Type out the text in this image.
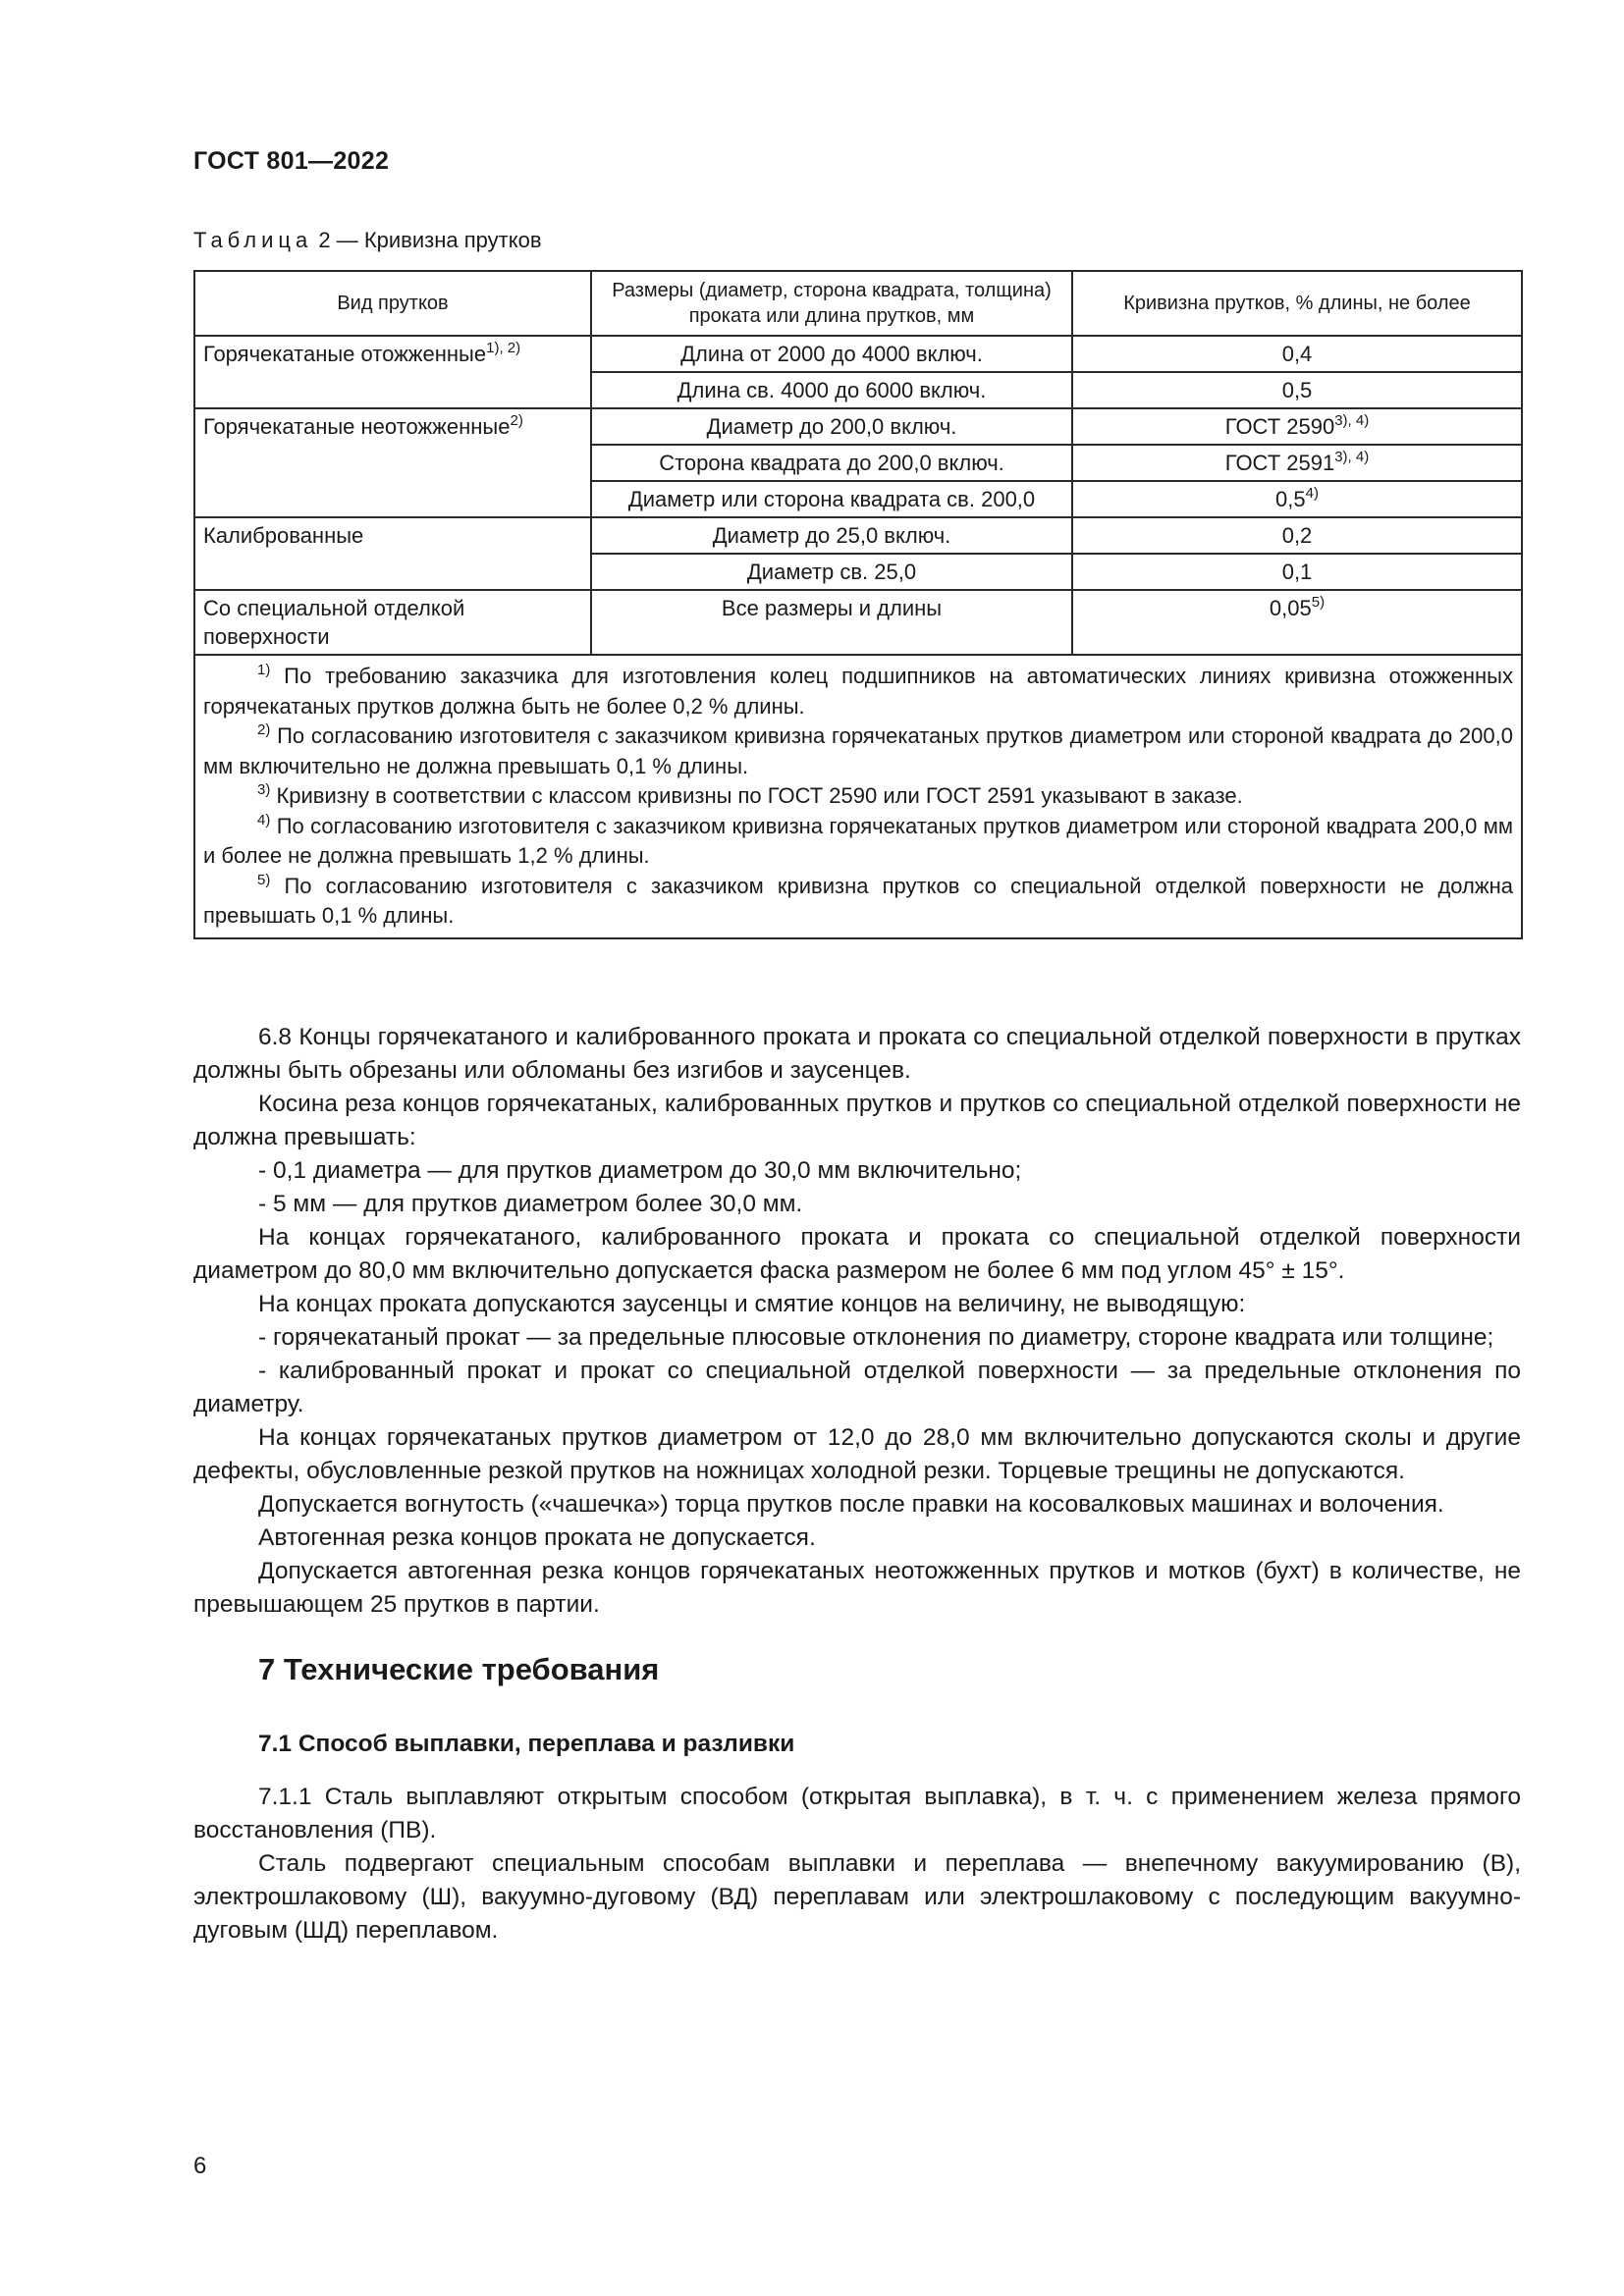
ГОСТ 801—2022
Таблица 2 — Кривизна прутков
Вид прутков	Размеры (диаметр, сторона квадрата, толщина) проката или длина прутков, мм	Кривизна прутков, % длины, не более
Горячекатаные отожженные$^{1), 2)}$	Длина от 2000 до 4000 включ.	0,4
	Длина св. 4000 до 6000 включ.	0,5
Горячекатаные неотожженные$^{2)}$	Диаметр до 200,0 включ.	ГОСТ $2590^{3), 4)}$
	Сторона квадрата до 200,0 включ.	ГОСТ $2591^{3), 4)}$
	Диаметр или сторона квадрата св. 200,0	0,5$^{4)}$
Калиброванные	Диаметр до 25,0 включ.	0,2
	Диаметр св. 25,0	0,1
Со специальной отделкой поверхности	Все размеры и длины	0,05$^{5)}$

$^{1)}$ По требованию заказчика для изготовления колец подшипников на автоматических линиях кривизна отожженных горячекатаных прутков должна быть не более 0,2 % длины.
$^{2)}$ По согласованию изготовителя с заказчиком кривизна горячекатаных прутков диаметром или стороной квадрата до 200,0 мм включительно не должна превышать 0,1 % длины.
$^{3)}$ Кривизну в соответствии с классом кривизны по ГОСТ 2590 или ГОСТ 2591 указывают в заказе.
$^{4)}$ По согласованию изготовителя с заказчиком кривизна горячекатаных прутков диаметром или стороной квадрата 200,0 мм и более не должна превышать 1,2 % длины.
$^{5)}$ По согласованию изготовителя с заказчиком кривизна прутков со специальной отделкой поверхности не должна превышать 0,1 % длины.		

6.8 Концы горячекатаного и калиброванного проката и проката со специальной отделкой поверхности в прутках должны быть обрезаны или обломаны без изгибов и заусенцев.

Косина реза концов горячекатаных, калиброванных прутков и прутков со специальной отделкой поверхности не должна превышать:

- 0,1 диаметра — для прутков диаметром до 30,0 мм включительно;

- 5 мм — для прутков диаметром более 30,0 мм.

На концах горячекатаного, калиброванного проката и проката со специальной отделкой поверхности диаметром до 80,0 мм включительно допускается фаска размером не более 6 мм под углом 45° ± 15°.

На концах проката допускаются заусенцы и смятие концов на величину, не выводящую:

- горячекатаный прокат — за предельные плюсовые отклонения по диаметру, стороне квадрата или толщине;

- калиброванный прокат и прокат со специальной отделкой поверхности — за предельные отклонения по диаметру.

На концах горячекатаных прутков диаметром от 12,0 до 28,0 мм включительно допускаются сколы и другие дефекты, обусловленные резкой прутков на ножницах холодной резки. Торцевые трещины не допускаются.

Допускается вогнутость («чашечка») торца прутков после правки на косовалковых машинах и волочения.

Автогенная резка концов проката не допускается.

Допускается автогенная резка концов горячекатаных неотожженных прутков и мотков (бухт) в количестве, не превышающем 25 прутков в партии.

7 Технические требования

7.1 Способ выплавки, переплава и разливки

7.1.1 Сталь выплавляют открытым способом (открытая выплавка), в т. ч. с применением железа прямого восстановления (ПВ).

Сталь подвергают специальным способам выплавки и переплава — внепечному вакуумированию (В), электрошлаковому (Ш), вакуумно-дуговому (ВД) переплавам или электрошлаковому с последующим вакуумно-дуговым (ШД) переплавом.

6
